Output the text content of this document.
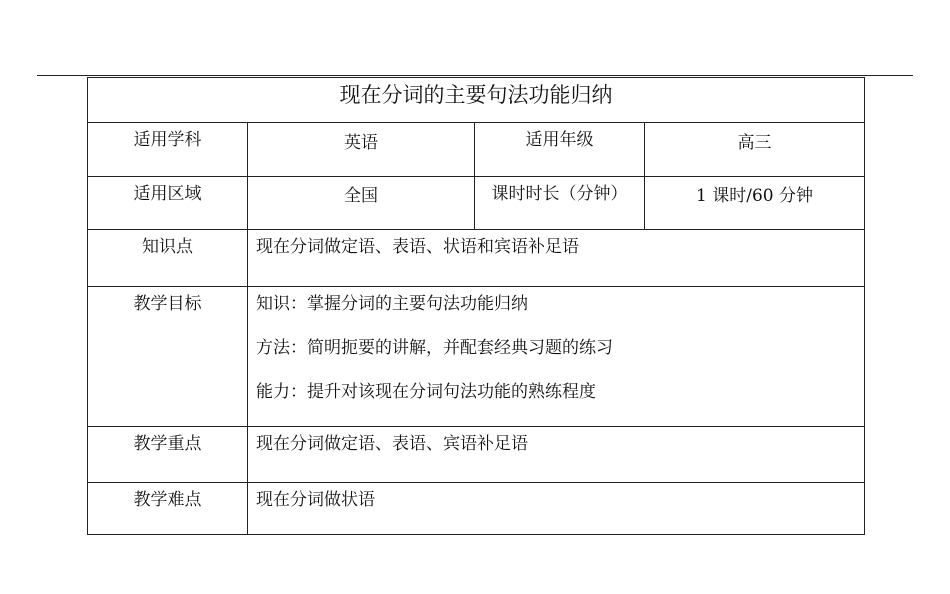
现在分词的主要句法功能归纳			
适用学科	英语	适用年级	高三
适用区域	全国	课时时长（分钟）	1 课时/60 分钟
知识点	现在分词做定语、表语、状语和宾语补足语		
教学目标	知识：掌握分词的主要句法功能归纳
方法：简明扼要的讲解，并配套经典习题的练习
能力：提升对该现在分词句法功能的熟练程度		

教学重点	现在分词做定语、表语、宾语补足语		
教学难点	现在分词做状语		
